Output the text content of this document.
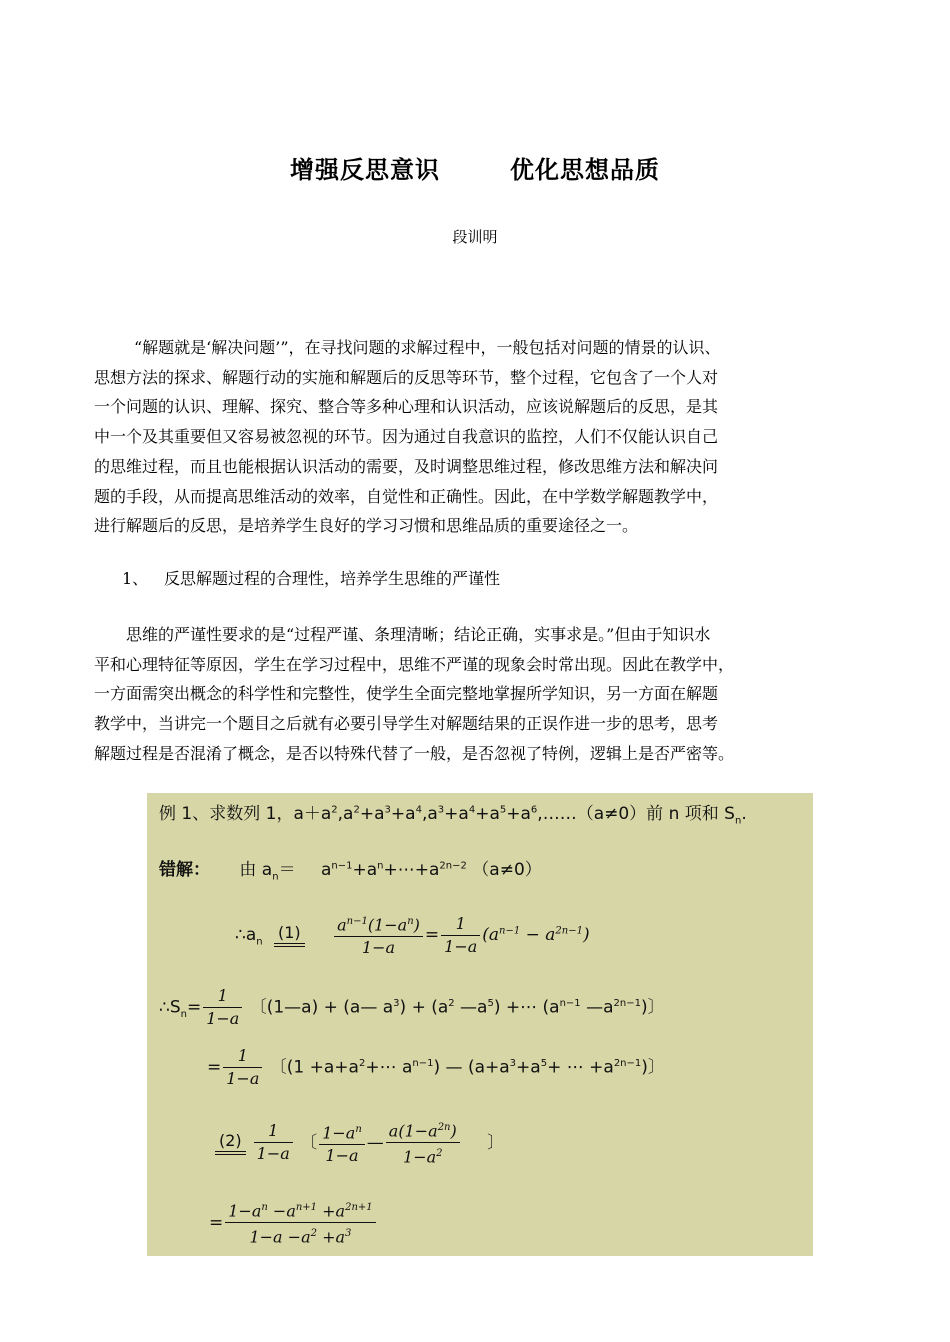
增强反思意识	优化思想品质
段训明
“解题就是‘解决问题’”，在寻找问题的求解过程中，一般包括对问题的情景的认识、
思想方法的探求、解题行动的实施和解题后的反思等环节，整个过程，它包含了一个人对
一个问题的认识、理解、探究、整合等多种心理和认识活动，应该说解题后的反思，是其
中一个及其重要但又容易被忽视的环节。因为通过自我意识的监控，人们不仅能认识自己
的思维过程，而且也能根据认识活动的需要，及时调整思维过程，修改思维方法和解决问
题的手段，从而提高思维活动的效率，自觉性和正确性。因此，在中学数学解题教学中，
进行解题后的反思，是培养学生良好的学习习惯和思维品质的重要途径之一。
1、 反思解题过程的合理性，培养学生思维的严谨性
思维的严谨性要求的是“过程严谨、条理清晰；结论正确，实事求是。”但由于知识水
平和心理特征等原因，学生在学习过程中，思维不严谨的现象会时常出现。因此在教学中，
一方面需突出概念的科学性和完整性，使学生全面完整地掌握所学知识，另一方面在解题
教学中，当讲完一个题目之后就有必要引导学生对解题结果的正误作进一步的思考，思考
解题过程是否混淆了概念，是否以特殊代替了一般，是否忽视了特例，逻辑上是否严密等。
例 1、求数列 1，$a+a^2,a^2+a^3+a^4,a^3+a^4+a^5+a^6,\dots\dots(a\ne 0)$前 n 项和 $S_n$.
错解： 由 $a_n=$ $a^{n-1}+a^n+\cdots+a^{2n-2}$ （a≠0）
$\therefore a_n$ $(1) \frac{a^{n-1}(1-a^n)}{1-a} = \frac{1}{1-a} (a^{n-1} - a^{2n-1})$
$\therefore S_n= \frac{1}{1-a}$ 〔(1—a) + (a— $a^3) + (a^2$ $—a^5$) +⋯ ($a^{n-1}$ $—a^{2n-1}$)〕
= $\frac{1}{1-a}$ 〔($1 +a+a^2+\cdots$ $a^{n-1}$) — ($a+a^3+a^5+$ ⋯ $+a^{2n-1}$)〕
$(2) \frac{1}{1-a}$ 〔 $\frac{1-a^n}{1-a}$ — $\frac{a(1-a^{2n})}{1-a^2}$ 〕
= $\frac{1-a^n -a^{n+1} +a^{2n+1}}{1-a -a^2 +a^3}$
